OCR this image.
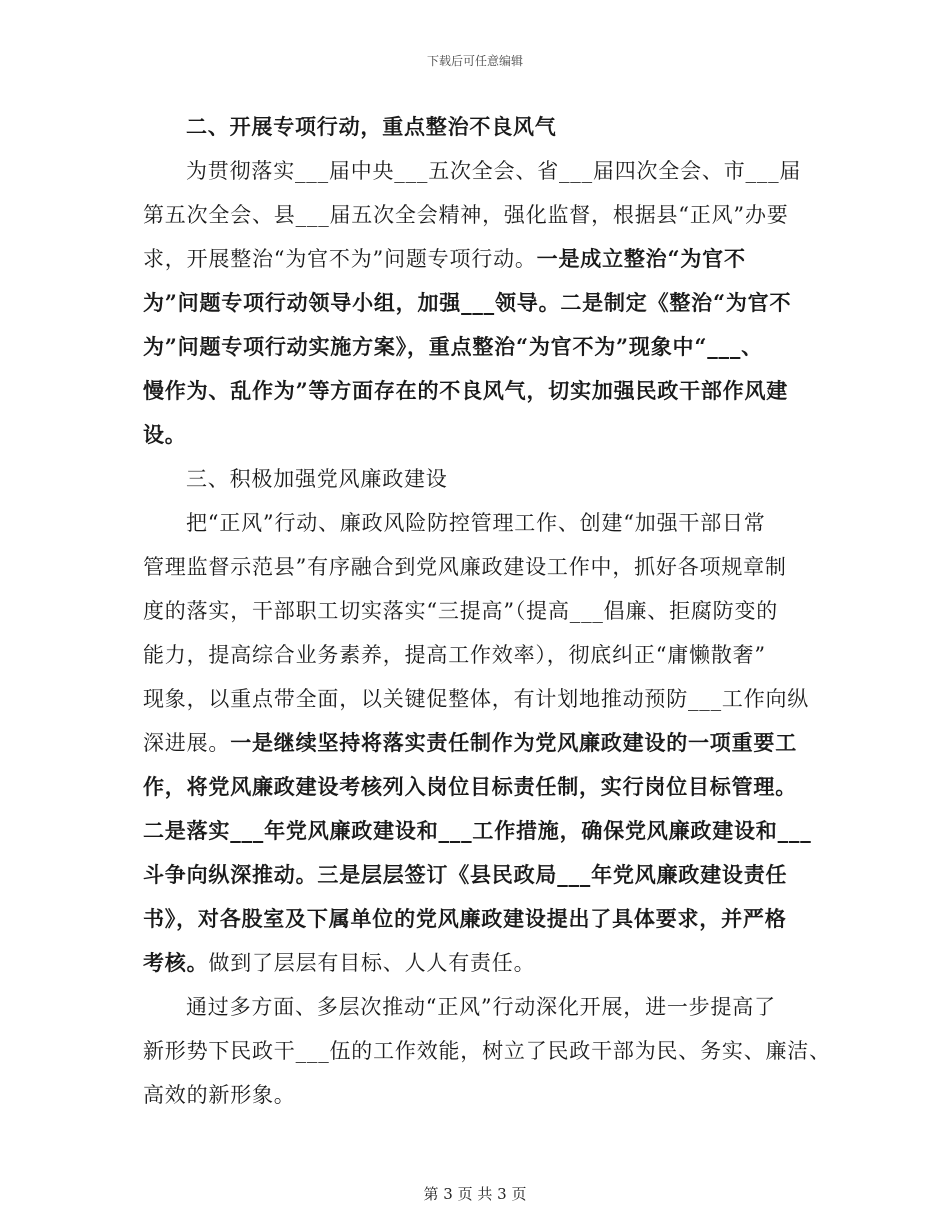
下载后可任意编辑
二、开展专项行动，重点整治不良风气
为贯彻落实___届中央___五次全会、省___届四次全会、市___届
第五次全会、县___届五次全会精神，强化监督，根据县“正风”办要
求，开展整治“为官不为”问题专项行动。一是成立整治“为官不
为”问题专项行动领导小组，加强___领导。二是制定《整治“为官不
为”问题专项行动实施方案》，重点整治“为官不为”现象中“___、
慢作为、乱作为”等方面存在的不良风气，切实加强民政干部作风建
设。
三、积极加强党风廉政建设
把“正风”行动、廉政风险防控管理工作、创建“加强干部日常
管理监督示范县”有序融合到党风廉政建设工作中，抓好各项规章制
度的落实，干部职工切实落实“三提高”（提高___倡廉、拒腐防变的
能力，提高综合业务素养，提高工作效率），彻底纠正“庸懒散奢”
现象，以重点带全面，以关键促整体，有计划地推动预防___工作向纵
深进展。一是继续坚持将落实责任制作为党风廉政建设的一项重要工
作，将党风廉政建设考核列入岗位目标责任制，实行岗位目标管理。
二是落实___年党风廉政建设和___工作措施，确保党风廉政建设和___
斗争向纵深推动。三是层层签订《县民政局___年党风廉政建设责任
书》，对各股室及下属单位的党风廉政建设提出了具体要求，并严格
考核。做到了层层有目标、人人有责任。
通过多方面、多层次推动“正风”行动深化开展，进一步提高了
新形势下民政干___伍的工作效能，树立了民政干部为民、务实、廉洁、
高效的新形象。
第 3 页 共 3 页
